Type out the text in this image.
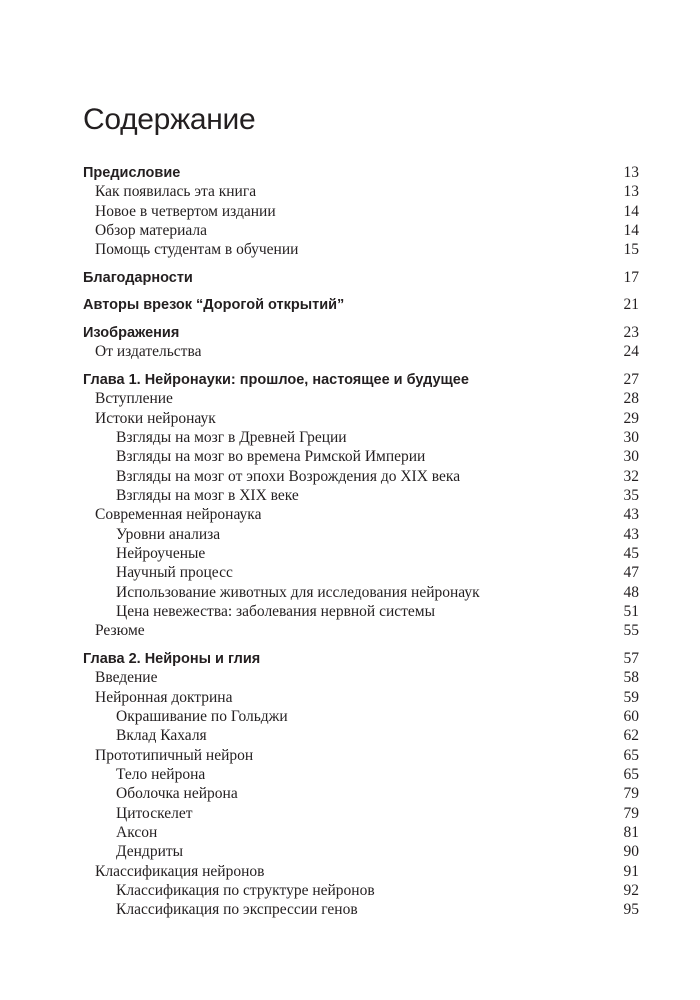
Содержание
Предисловие	13
Как появилась эта книга	13
Новое в четвертом издании	14
Обзор материала	14
Помощь студентам в обучении	15
Благодарности	17
Авторы врезок “Дорогой открытий”	21
Изображения	23
От издательства	24
Глава 1. Нейронауки: прошлое, настоящее и будущее	27
Вступление	28
Истоки нейронаук	29
Взгляды на мозг в Древней Греции	30
Взгляды на мозг во времена Римской Империи	30
Взгляды на мозг от эпохи Возрождения до XIX века	32
Взгляды на мозг в XIX веке	35
Современная нейронаука	43
Уровни анализа	43
Нейроученые	45
Научный процесс	47
Использование животных для исследования нейронаук	48
Цена невежества: заболевания нервной системы	51
Резюме	55
Глава 2. Нейроны и глия	57
Введение	58
Нейронная доктрина	59
Окрашивание по Гольджи	60
Вклад Кахаля	62
Прототипичный нейрон	65
Тело нейрона	65
Оболочка нейрона	79
Цитоскелет	79
Аксон	81
Дендриты	90
Классификация нейронов	91
Классификация по структуре нейронов	92
Классификация по экспрессии генов	95
